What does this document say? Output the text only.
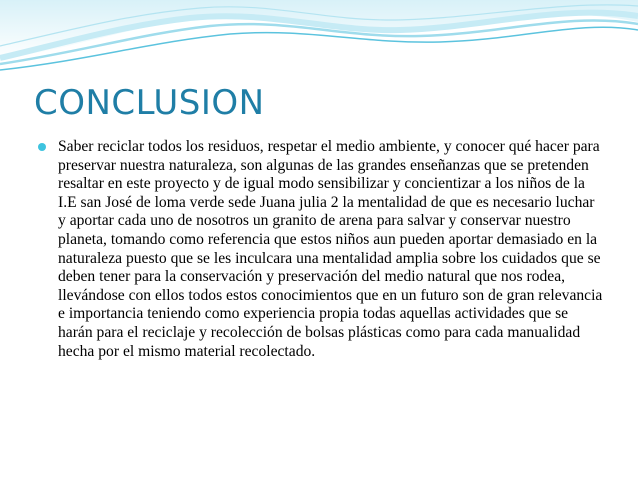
CONCLUSION

Saber reciclar todos los residuos, respetar el medio ambiente, y conocer qué hacer para preservar nuestra naturaleza, son algunas de las grandes enseñanzas que se pretenden resaltar en este proyecto y de igual modo sensibilizar y concientizar a los niños de la I.E san José de loma verde sede Juana julia 2 la mentalidad de que es necesario luchar y aportar cada uno de nosotros un granito de arena para salvar y conservar nuestro planeta, tomando como referencia que estos niños aun pueden aportar demasiado en la naturaleza puesto que se les inculcara una mentalidad amplia sobre los cuidados que se deben tener para la conservación y preservación del medio natural que nos rodea, llevándose con ellos todos estos conocimientos que en un futuro son de gran relevancia e importancia teniendo como experiencia propia todas aquellas actividades que se harán para el reciclaje y recolección de bolsas plásticas como para cada manualidad hecha por el mismo material recolectado.
